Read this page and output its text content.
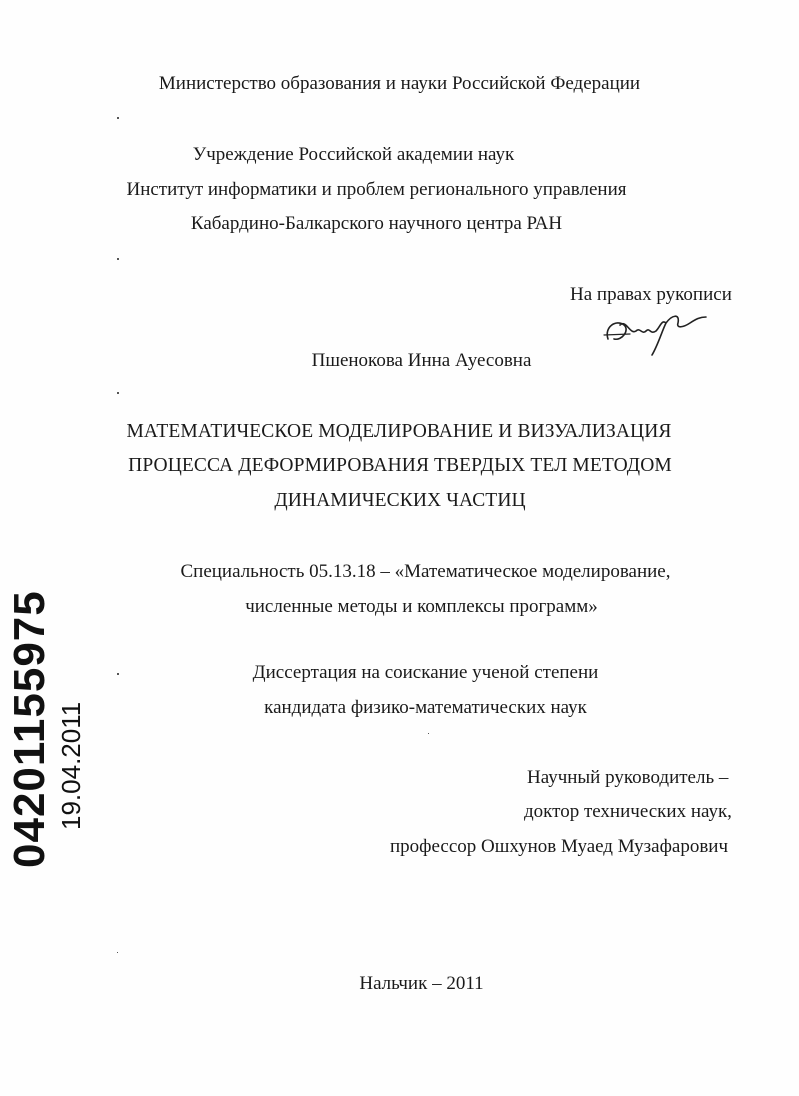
Министерство образования и науки Российской Федерации
Учреждение Российской академии наук
Институт информатики и проблем регионального управления
Кабардино-Балкарского научного центра РАН
На правах рукописи
Пшенокова Инна Ауесовна
МАТЕМАТИЧЕСКОЕ МОДЕЛИРОВАНИЕ И ВИЗУАЛИЗАЦИЯ
ПРОЦЕССА ДЕФОРМИРОВАНИЯ ТВЕРДЫХ ТЕЛ МЕТОДОМ
ДИНАМИЧЕСКИХ ЧАСТИЦ
Специальность 05.13.18 – «Математическое моделирование,
численные методы и комплексы программ»
Диссертация на соискание ученой степени
кандидата физико-математических наук
Научный руководитель –
доктор технических наук,
профессор Ошхунов Муаед Музафарович
Нальчик – 2011
04201155975 19.04.2011
